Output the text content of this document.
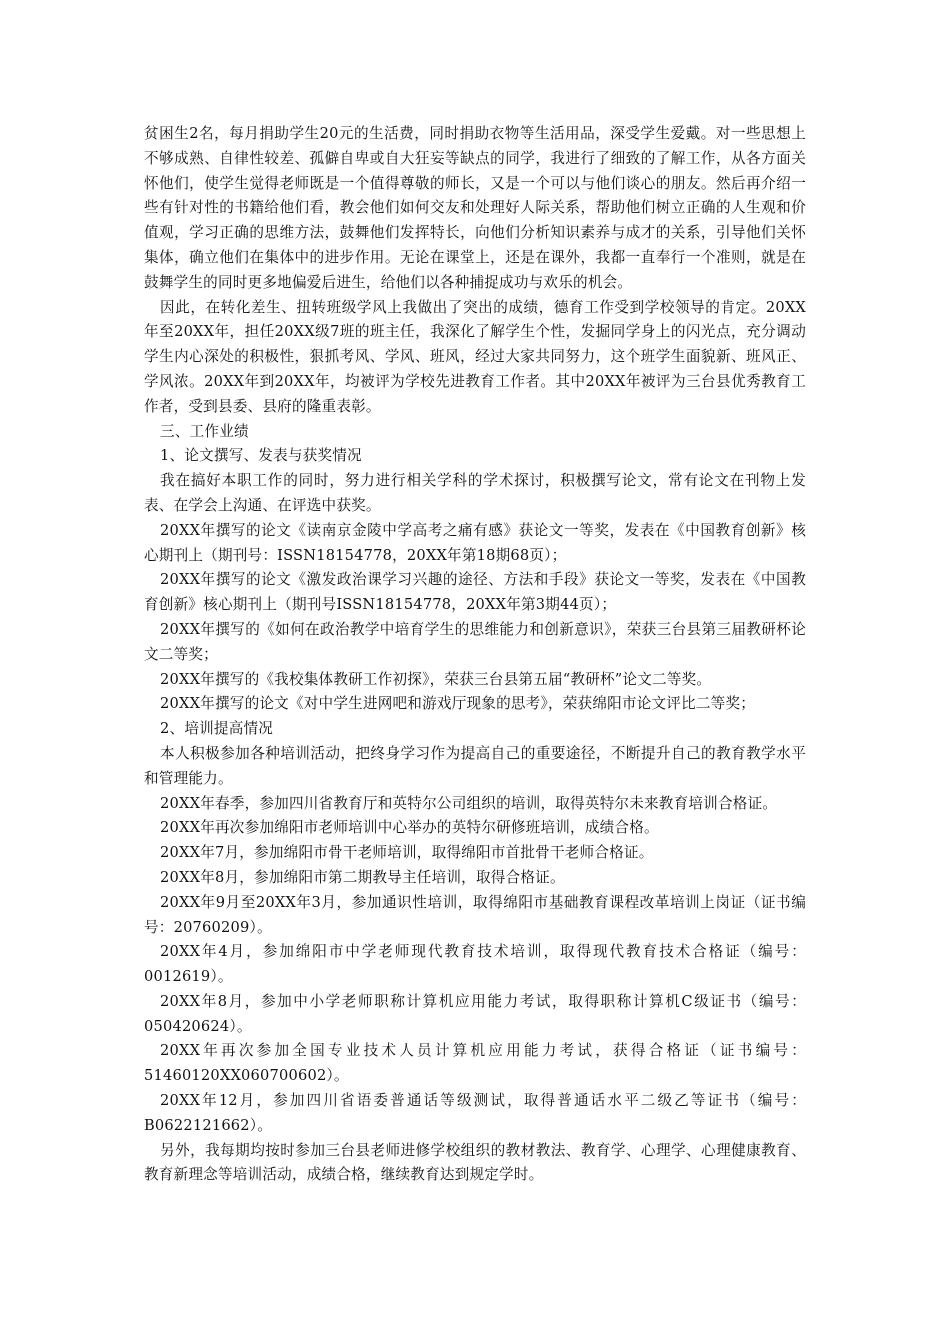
贫困生2名，每月捐助学生20元的生活费，同时捐助衣物等生活用品，深受学生爱戴。对一些思想上不够成熟、自律性较差、孤僻自卑或自大狂妄等缺点的同学，我进行了细致的了解工作，从各方面关怀他们，使学生觉得老师既是一个值得尊敬的师长，又是一个可以与他们谈心的朋友。然后再介绍一些有针对性的书籍给他们看，教会他们如何交友和处理好人际关系，帮助他们树立正确的人生观和价值观，学习正确的思维方法，鼓舞他们发挥特长，向他们分析知识素养与成才的关系，引导他们关怀集体，确立他们在集体中的进步作用。无论在课堂上，还是在课外，我都一直奉行一个准则，就是在鼓舞学生的同时更多地偏爱后进生，给他们以各种捕捉成功与欢乐的机会。

因此，在转化差生、扭转班级学风上我做出了突出的成绩，德育工作受到学校领导的肯定。20XX年至20XX年，担任20XX级7班的班主任，我深化了解学生个性，发掘同学身上的闪光点，充分调动学生内心深处的积极性，狠抓考风、学风、班风，经过大家共同努力，这个班学生面貌新、班风正、学风浓。20XX年到20XX年，均被评为学校先进教育工作者。其中20XX年被评为三台县优秀教育工作者，受到县委、县府的隆重表彰。

三、工作业绩

1、论文撰写、发表与获奖情况

我在搞好本职工作的同时，努力进行相关学科的学术探讨，积极撰写论文，常有论文在刊物上发表、在学会上沟通、在评选中获奖。

20XX年撰写的论文《读南京金陵中学高考之痛有感》获论文一等奖，发表在《中国教育创新》核心期刊上（期刊号：ISSN18154778，20XX年第18期68页）；

20XX年撰写的论文《激发政治课学习兴趣的途径、方法和手段》获论文一等奖，发表在《中国教育创新》核心期刊上（期刊号ISSN18154778，20XX年第3期44页）；

20XX年撰写的《如何在政治教学中培育学生的思维能力和创新意识》，荣获三台县第三届教研杯论文二等奖；

20XX年撰写的《我校集体教研工作初探》，荣获三台县第五届“教研杯”论文二等奖。

20XX年撰写的论文《对中学生进网吧和游戏厅现象的思考》，荣获绵阳市论文评比二等奖；

2、培训提高情况

本人积极参加各种培训活动，把终身学习作为提高自己的重要途径，不断提升自己的教育教学水平和管理能力。

20XX年春季，参加四川省教育厅和英特尔公司组织的培训，取得英特尔未来教育培训合格证。

20XX年再次参加绵阳市老师培训中心举办的英特尔研修班培训，成绩合格。

20XX年7月，参加绵阳市骨干老师培训，取得绵阳市首批骨干老师合格证。

20XX年8月，参加绵阳市第二期教导主任培训，取得合格证。

20XX年9月至20XX年3月，参加通识性培训，取得绵阳市基础教育课程改革培训上岗证（证书编号：20760209）。

20XX年4月，参加绵阳市中学老师现代教育技术培训，取得现代教育技术合格证（编号：0012619）。

20XX年8月，参加中小学老师职称计算机应用能力考试，取得职称计算机C级证书（编号：050420624）。

20XX年再次参加全国专业技术人员计算机应用能力考试，获得合格证（证书编号：51460120XX060700602）。

20XX年12月，参加四川省语委普通话等级测试，取得普通话水平二级乙等证书（编号：B0622121662）。

另外，我每期均按时参加三台县老师进修学校组织的教材教法、教育学、心理学、心理健康教育、教育新理念等培训活动，成绩合格，继续教育达到规定学时。
